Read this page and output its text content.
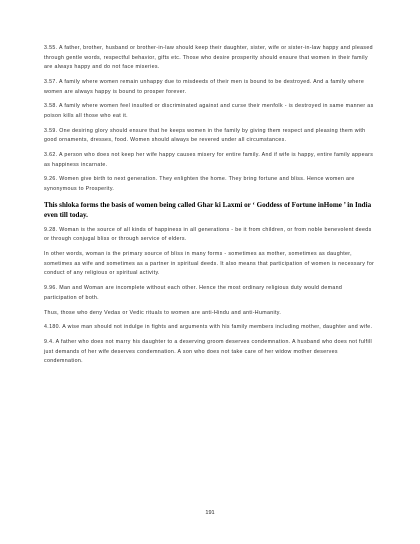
3.55. A father, brother, husband or brother-in-law should keep their daughter, sister, wife or sister-in-law happy and pleased through gentle words, respectful behavior, gifts etc. Those who desire prosperity should ensure that women in their family are always happy and do not face miseries.

3.57. A family where women remain unhappy due to misdeeds of their men is bound to be destroyed. And a family where women are always happy is bound to prosper forever.

3.58. A family where women feel insulted or discriminated against and curse their menfolk - is destroyed in same manner as poison kills all those who eat it.

3.59. One desiring glory should ensure that he keeps women in the family by giving them respect and pleasing them with good ornaments, dresses, food. Women should always be revered under all circumstances.

3.62. A person who does not keep her wife happy causes misery for entire family. And if wife is happy, entire family appears as happiness incarnate.

9.26. Women give birth to next generation. They enlighten the home. They bring fortune and bliss. Hence women are synonymous to Prosperity.

This shloka forms the basis of women being called Ghar ki Laxmi or ‘ Goddess of Fortune inHome ’ in India even till today.

9.28. Woman is the source of all kinds of happiness in all generations - be it from children, or from noble benevolent deeds or through conjugal bliss or through service of elders.

In other words, woman is the primary source of bliss in many forms - sometimes as mother, sometimes as daughter, sometimes as wife and sometimes as a partner in spiritual deeds. It also means that participation of women is necessary for conduct of any religious or spiritual activity.

9.96. Man and Woman are incomplete without each other. Hence the most ordinary religious duty would demand participation of both.

Thus, those who deny Vedas or Vedic rituals to women are anti-Hindu and anti-Humanity.

4.180. A wise man should not indulge in fights and arguments with his family members including mother, daughter and wife.

9.4. A father who does not marry his daughter to a deserving groom deserves condemnation. A husband who does not fulfill just demands of her wife deserves condemnation. A son who does not take care of her widow mother deserves condemnation.

191
